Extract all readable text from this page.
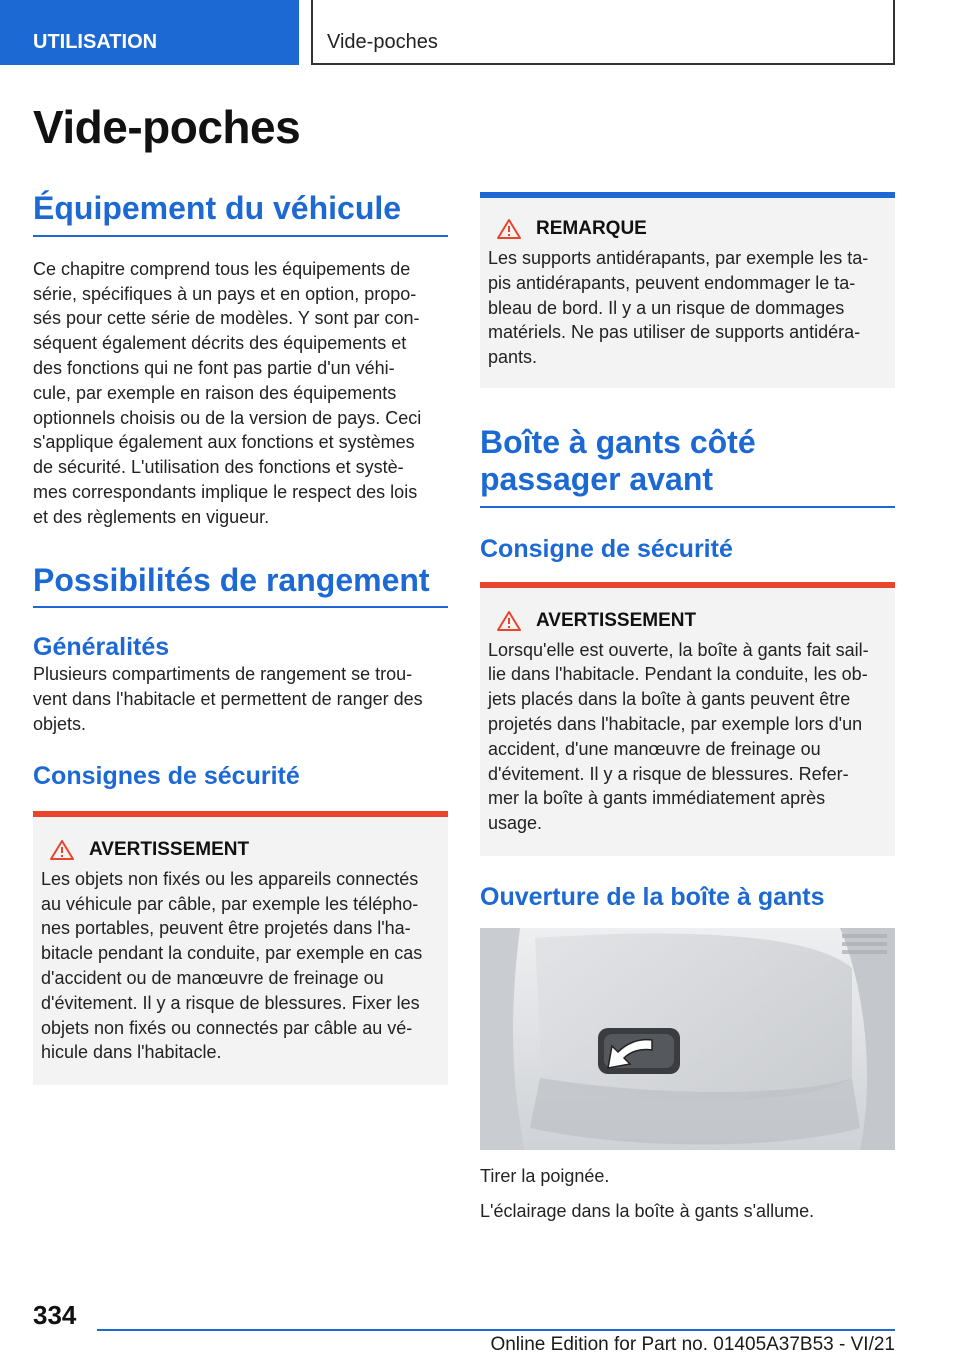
UTILISATION	Vide-poches
Vide-poches
Équipement du véhicule

Ce chapitre comprend tous les équipements de
série, spécifiques à un pays et en option, propo-
sés pour cette série de modèles. Y sont par con-
séquent également décrits des équipements et
des fonctions qui ne font pas partie d'un véhi-
cule, par exemple en raison des équipements
optionnels choisis ou de la version de pays. Ceci
s'applique également aux fonctions et systèmes
de sécurité. L'utilisation des fonctions et systè-
mes correspondants implique le respect des lois
et des règlements en vigueur.

Possibilités de rangement
Généralités

Plusieurs compartiments de rangement se trou-
vent dans l'habitacle et permettent de ranger des
objets.

Consignes de sécurité
AVERTISSEMENT

Les objets non fixés ou les appareils connectés
au véhicule par câble, par exemple les télépho-
nes portables, peuvent être projetés dans l'ha-
bitacle pendant la conduite, par exemple en cas
d'accident ou de manœuvre de freinage ou
d'évitement. Il y a risque de blessures. Fixer les
objets non fixés ou connectés par câble au vé-
hicule dans l'habitacle.

REMARQUE

Les supports antidérapants, par exemple les ta-
pis antidérapants, peuvent endommager le ta-
bleau de bord. Il y a un risque de dommages
matériels. Ne pas utiliser de supports antidéra-
pants.

Boîte à gants côté
passager avant
Consigne de sécurité
AVERTISSEMENT

Lorsqu'elle est ouverte, la boîte à gants fait sail-
lie dans l'habitacle. Pendant la conduite, les ob-
jets placés dans la boîte à gants peuvent être
projetés dans l'habitacle, par exemple lors d'un
accident, d'une manœuvre de freinage ou
d'évitement. Il y a risque de blessures. Refer-
mer la boîte à gants immédiatement après
usage.

Ouverture de la boîte à gants

Tirer la poignée.

L'éclairage dans la boîte à gants s'allume.

334
Online Edition for Part no. 01405A37B53 - VI/21
